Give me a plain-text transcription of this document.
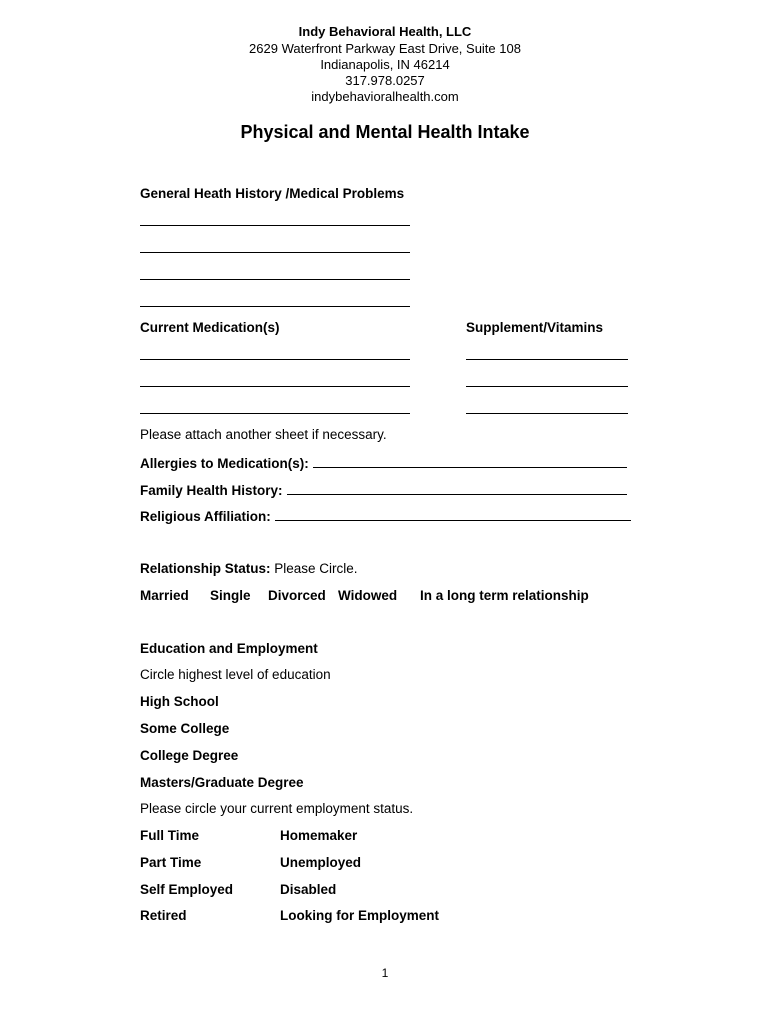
Indy Behavioral Health, LLC
2629 Waterfront Parkway East Drive, Suite 108
Indianapolis, IN 46214
317.978.0257
indybehavioralhealth.com
Physical and Mental Health Intake
General Heath History /Medical Problems
Current Medication(s)	Supplement/Vitamins
Please attach another sheet if necessary.
Allergies to Medication(s):
Family Health History:
Religious Affiliation:
Relationship Status: Please Circle.
Married Single Divorced Widowed In a long term relationship
Education and Employment
Circle highest level of education
High School
Some College
College Degree
Masters/Graduate Degree
Please circle your current employment status.
Full Time
Part Time
Self Employed
Retired
Homemaker
Unemployed
Disabled
Looking for Employment
1
